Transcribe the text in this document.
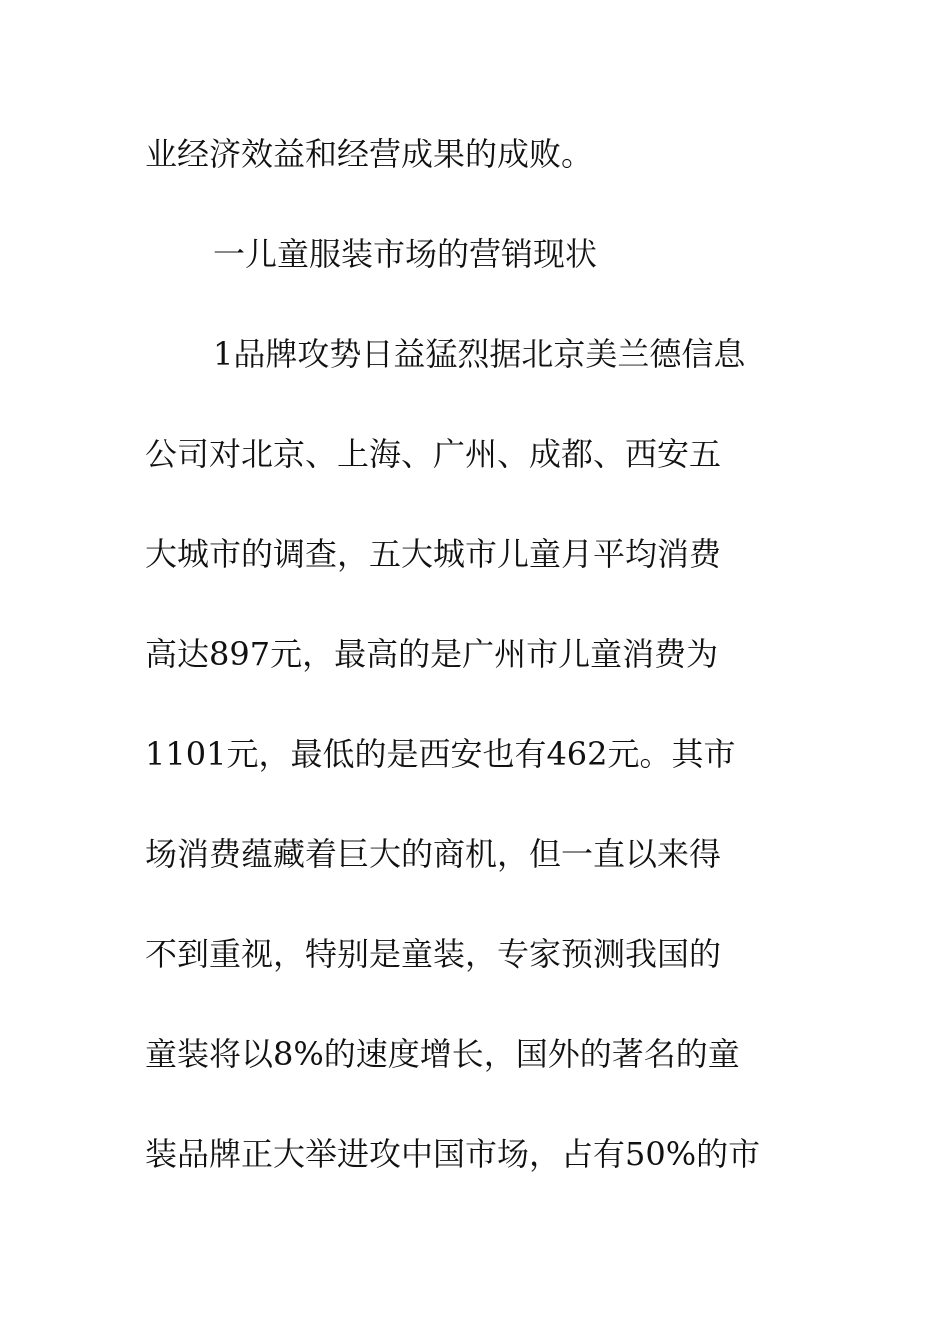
业经济效益和经营成果的成败。

一儿童服装市场的营销现状

1品牌攻势日益猛烈据北京美兰德信息

公司对北京、上海、广州、成都、西安五

大城市的调查，五大城市儿童月平均消费

高达897元，最高的是广州市儿童消费为

1101元，最低的是西安也有462元。其市

场消费蕴藏着巨大的商机，但一直以来得

不到重视，特别是童装，专家预测我国的

童装将以8%的速度增长，国外的著名的童

装品牌正大举进攻中国市场，占有50%的市
